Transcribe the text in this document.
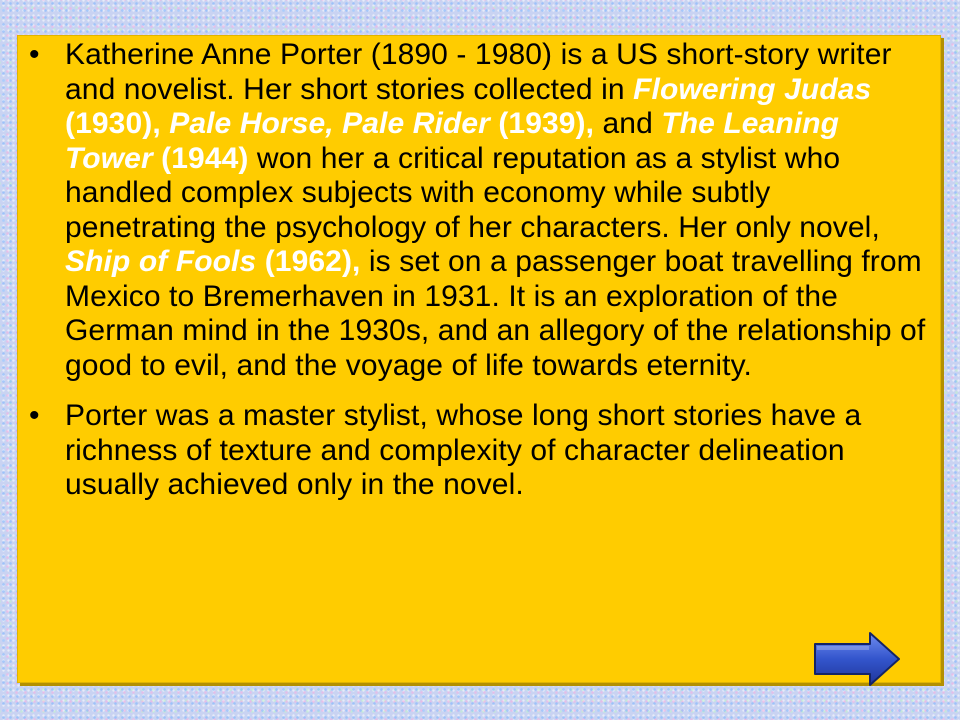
• Katherine Anne Porter (1890 - 1980) is a US short-story writer and novelist. Her short stories collected in Flowering Judas (1930), Pale Horse, Pale Rider (1939), and The Leaning Tower (1944) won her a critical reputation as a stylist who handled complex subjects with economy while subtly penetrating the psychology of her characters. Her only novel, Ship of Fools (1962), is set on a passenger boat travelling from Mexico to Bremerhaven in 1931. It is an exploration of the German mind in the 1930s, and an allegory of the relationship of good to evil, and the voyage of life towards eternity.
• Porter was a master stylist, whose long short stories have a richness of texture and complexity of character delineation usually achieved only in the novel.
